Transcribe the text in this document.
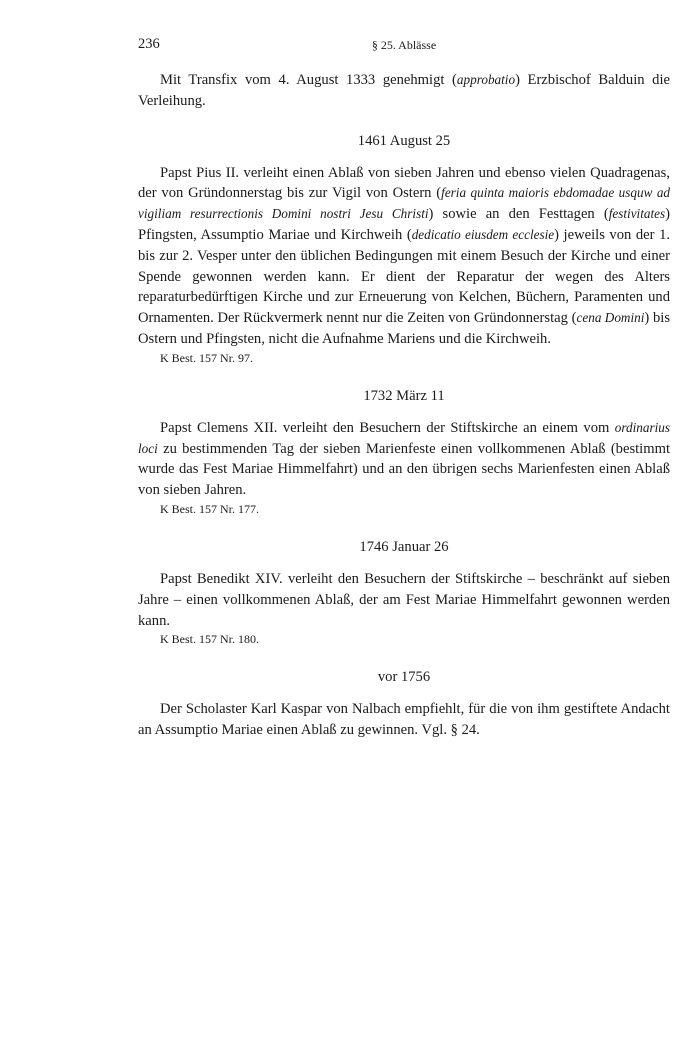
236	§ 25. Ablässe

Mit Transfix vom 4. August 1333 genehmigt (approbatio) Erzbischof Balduin die Verleihung.

1461 August 25

Papst Pius II. verleiht einen Ablaß von sieben Jahren und ebenso vielen Quadragenas, der von Gründonnerstag bis zur Vigil von Ostern (feria quinta maioris ebdomadae usquw ad vigiliam resurrectionis Domini nostri Jesu Christi) sowie an den Festtagen (festivitates) Pfingsten, Assumptio Mariae und Kirchweih (dedicatio eiusdem ecclesie) jeweils von der 1. bis zur 2. Vesper unter den üblichen Bedingungen mit einem Besuch der Kirche und einer Spende gewonnen werden kann. Er dient der Reparatur der wegen des Alters reparaturbedürftigen Kirche und zur Erneuerung von Kelchen, Büchern, Paramenten und Ornamenten. Der Rückvermerk nennt nur die Zeiten von Gründonnerstag (cena Domini) bis Ostern und Pfingsten, nicht die Aufnahme Mariens und die Kirchweih.

K Best. 157 Nr. 97.

1732 März 11

Papst Clemens XII. verleiht den Besuchern der Stiftskirche an einem vom ordinarius loci zu bestimmenden Tag der sieben Marienfeste einen vollkommenen Ablaß (bestimmt wurde das Fest Mariae Himmelfahrt) und an den übrigen sechs Marienfesten einen Ablaß von sieben Jahren.

K Best. 157 Nr. 177.

1746 Januar 26

Papst Benedikt XIV. verleiht den Besuchern der Stiftskirche – beschränkt auf sieben Jahre – einen vollkommenen Ablaß, der am Fest Mariae Himmelfahrt gewonnen werden kann.

K Best. 157 Nr. 180.

vor 1756

Der Scholaster Karl Kaspar von Nalbach empfiehlt, für die von ihm gestiftete Andacht an Assumptio Mariae einen Ablaß zu gewinnen. Vgl. § 24.
